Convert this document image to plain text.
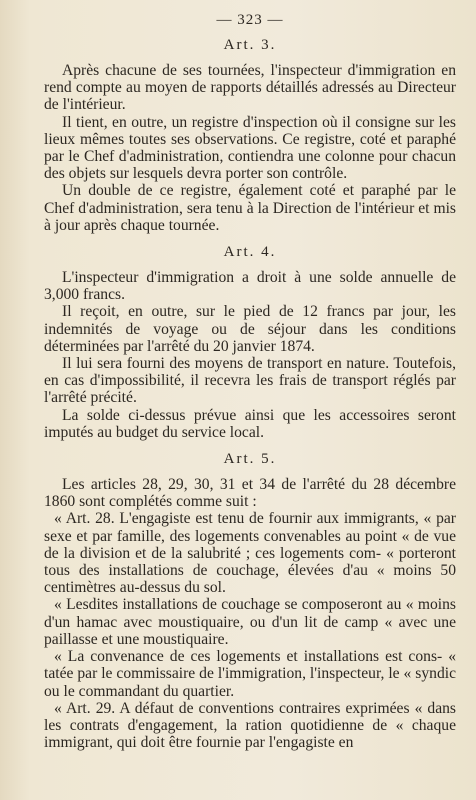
— 323 —
Art. 3.

Après chacune de ses tournées, l'inspecteur d'immigration en rend compte au moyen de rapports détaillés adressés au Directeur de l'intérieur.

Il tient, en outre, un registre d'inspection où il consigne sur les lieux mêmes toutes ses observations. Ce registre, coté et paraphé par le Chef d'administration, contiendra une colonne pour chacun des objets sur lesquels devra porter son contrôle.

Un double de ce registre, également coté et paraphé par le Chef d'administration, sera tenu à la Direction de l'intérieur et mis à jour après chaque tournée.

Art. 4.

L'inspecteur d'immigration a droit à une solde annuelle de 3,000 francs.

Il reçoit, en outre, sur le pied de 12 francs par jour, les indemnités de voyage ou de séjour dans les conditions déterminées par l'arrêté du 20 janvier 1874.

Il lui sera fourni des moyens de transport en nature. Toutefois, en cas d'impossibilité, il recevra les frais de transport réglés par l'arrêté précité.

La solde ci-dessus prévue ainsi que les accessoires seront imputés au budget du service local.

Art. 5.

Les articles 28, 29, 30, 31 et 34 de l'arrêté du 28 décembre 1860 sont complétés comme suit :

« Art. 28. L'engagiste est tenu de fournir aux immigrants, « par sexe et par famille, des logements convenables au point « de vue de la division et de la salubrité ; ces logements com- « porteront tous des installations de couchage, élevées d'au « moins 50 centimètres au-dessus du sol.

« Lesdites installations de couchage se composeront au « moins d'un hamac avec moustiquaire, ou d'un lit de camp « avec une paillasse et une moustiquaire.

« La convenance de ces logements et installations est cons- « tatée par le commissaire de l'immigration, l'inspecteur, le « syndic ou le commandant du quartier.

« Art. 29. A défaut de conventions contraires exprimées « dans les contrats d'engagement, la ration quotidienne de « chaque immigrant, qui doit être fournie par l'engagiste en
